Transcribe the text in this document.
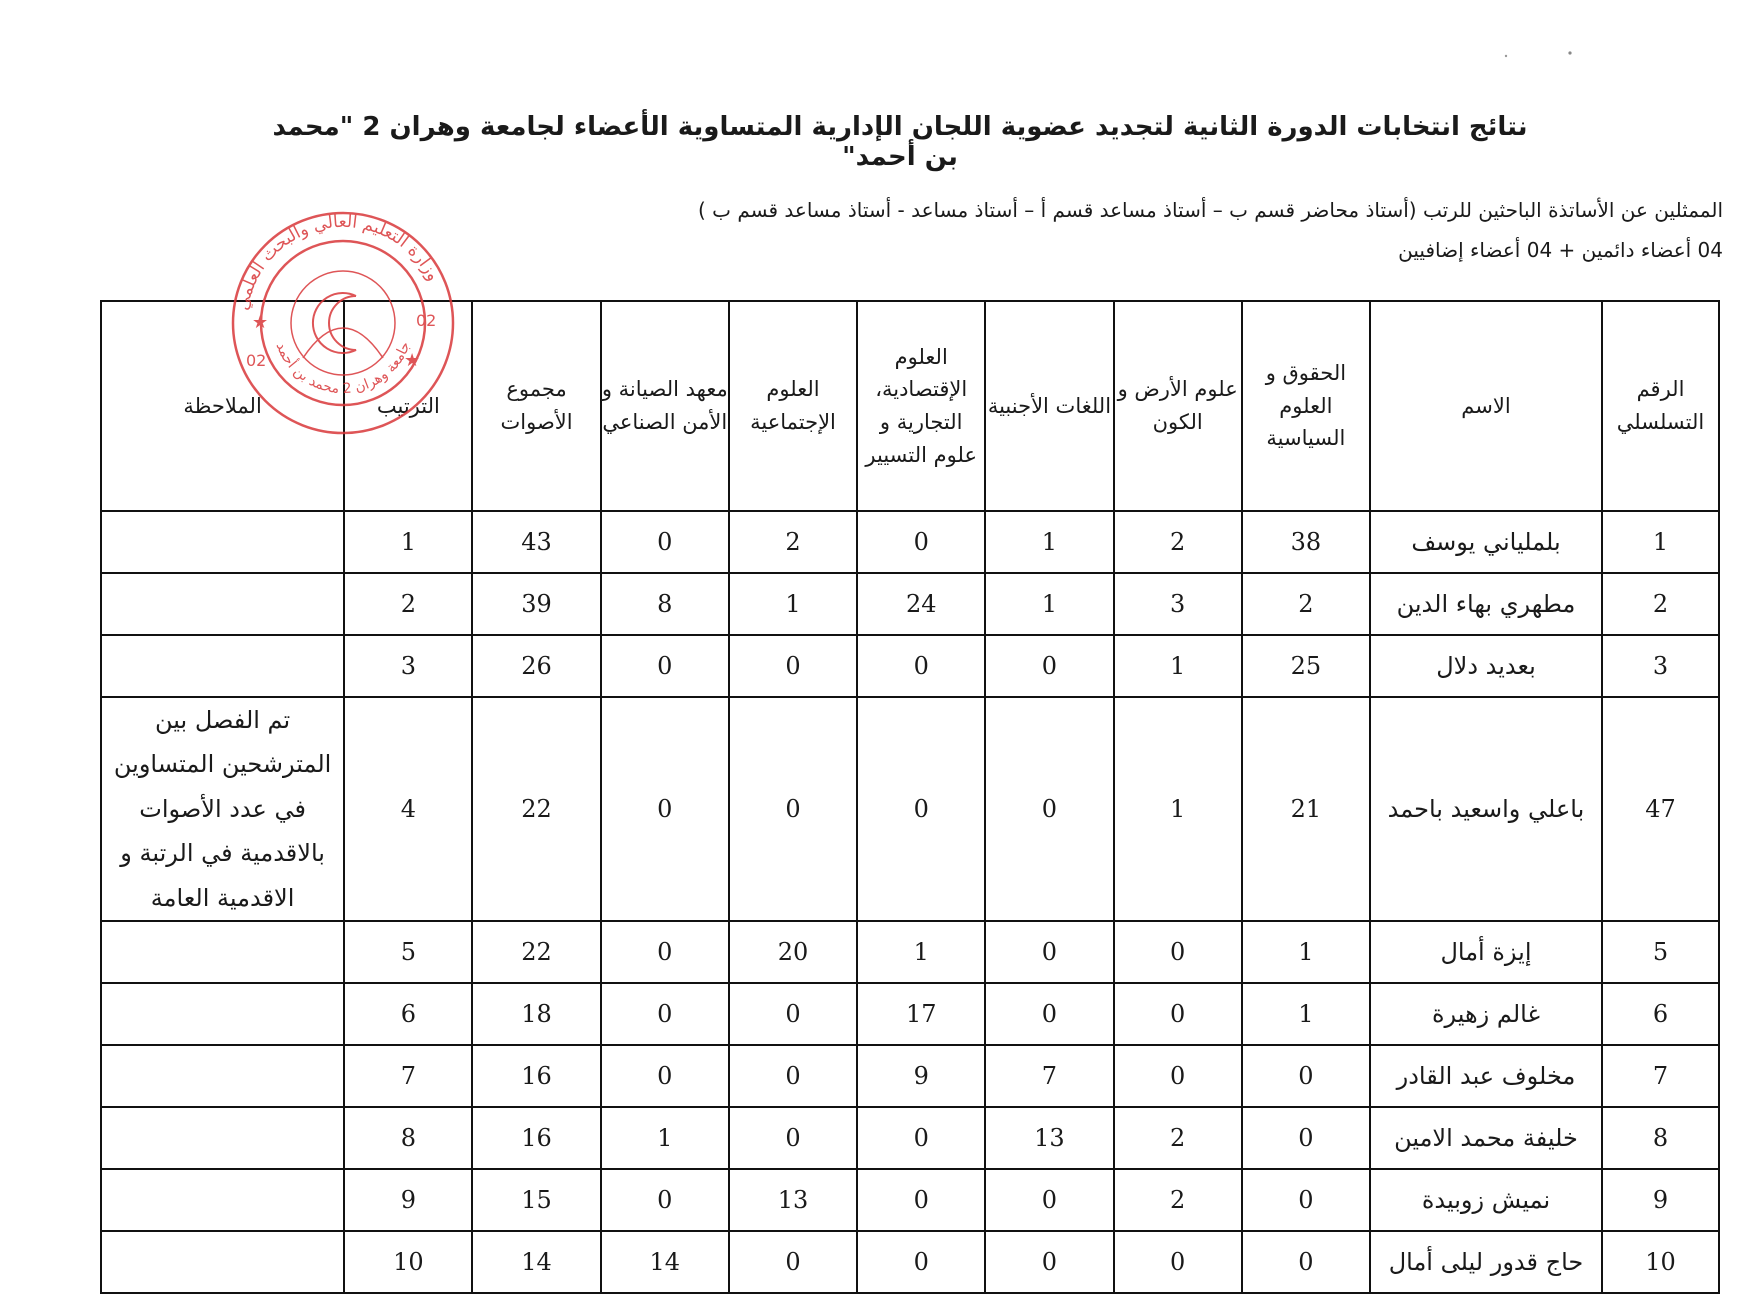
نتائج انتخابات الدورة الثانية لتجديد عضوية اللجان الإدارية المتساوية الأعضاء لجامعة وهران 2 "محمد بن أحمد"
الممثلين عن الأساتذة الباحثين للرتب (أستاذ محاضر قسم ب – أستاذ مساعد قسم أ – أستاذ مساعد - أستاذ مساعد قسم ب )
04 أعضاء دائمين + 04 أعضاء إضافيين
الرقم التسلسلي	الاسم	الحقوق و العلوم السياسية	علوم الأرض و الكون	اللغات الأجنبية	العلوم الإقتصادية، التجارية و علوم التسيير	العلوم الإجتماعية	معهد الصيانة و الأمن الصناعي	مجموع الأصوات	الترتيب	الملاحظة
1	بلملياني يوسف	38	2	1	0	2	0	43	1	
2	مطهري بهاء الدين	2	3	1	24	1	8	39	2	
3	بعديد دلال	25	1	0	0	0	0	26	3	
47	باعلي واسعيد باحمد	21	1	0	0	0	0	22	4	تم الفصل بين المترشحين المتساوين في عدد الأصوات بالاقدمية في الرتبة و الاقدمية العامة
5	إيزة أمال	1	0	0	1	20	0	22	5	
6	غالم زهيرة	1	0	0	17	0	0	18	6	
7	مخلوف عبد القادر	0	0	7	9	0	0	16	7	
8	خليفة محمد الامين	0	2	13	0	0	1	16	8	
9	نميش زوبيدة	0	2	0	0	13	0	15	9	
10	حاج قدور ليلى أمال	0	0	0	0	0	14	14	10	
وزارة التعليم العالي والبحث العلمي
جامعة وهران 2 محمد بن أحمد
02
02
★
★
